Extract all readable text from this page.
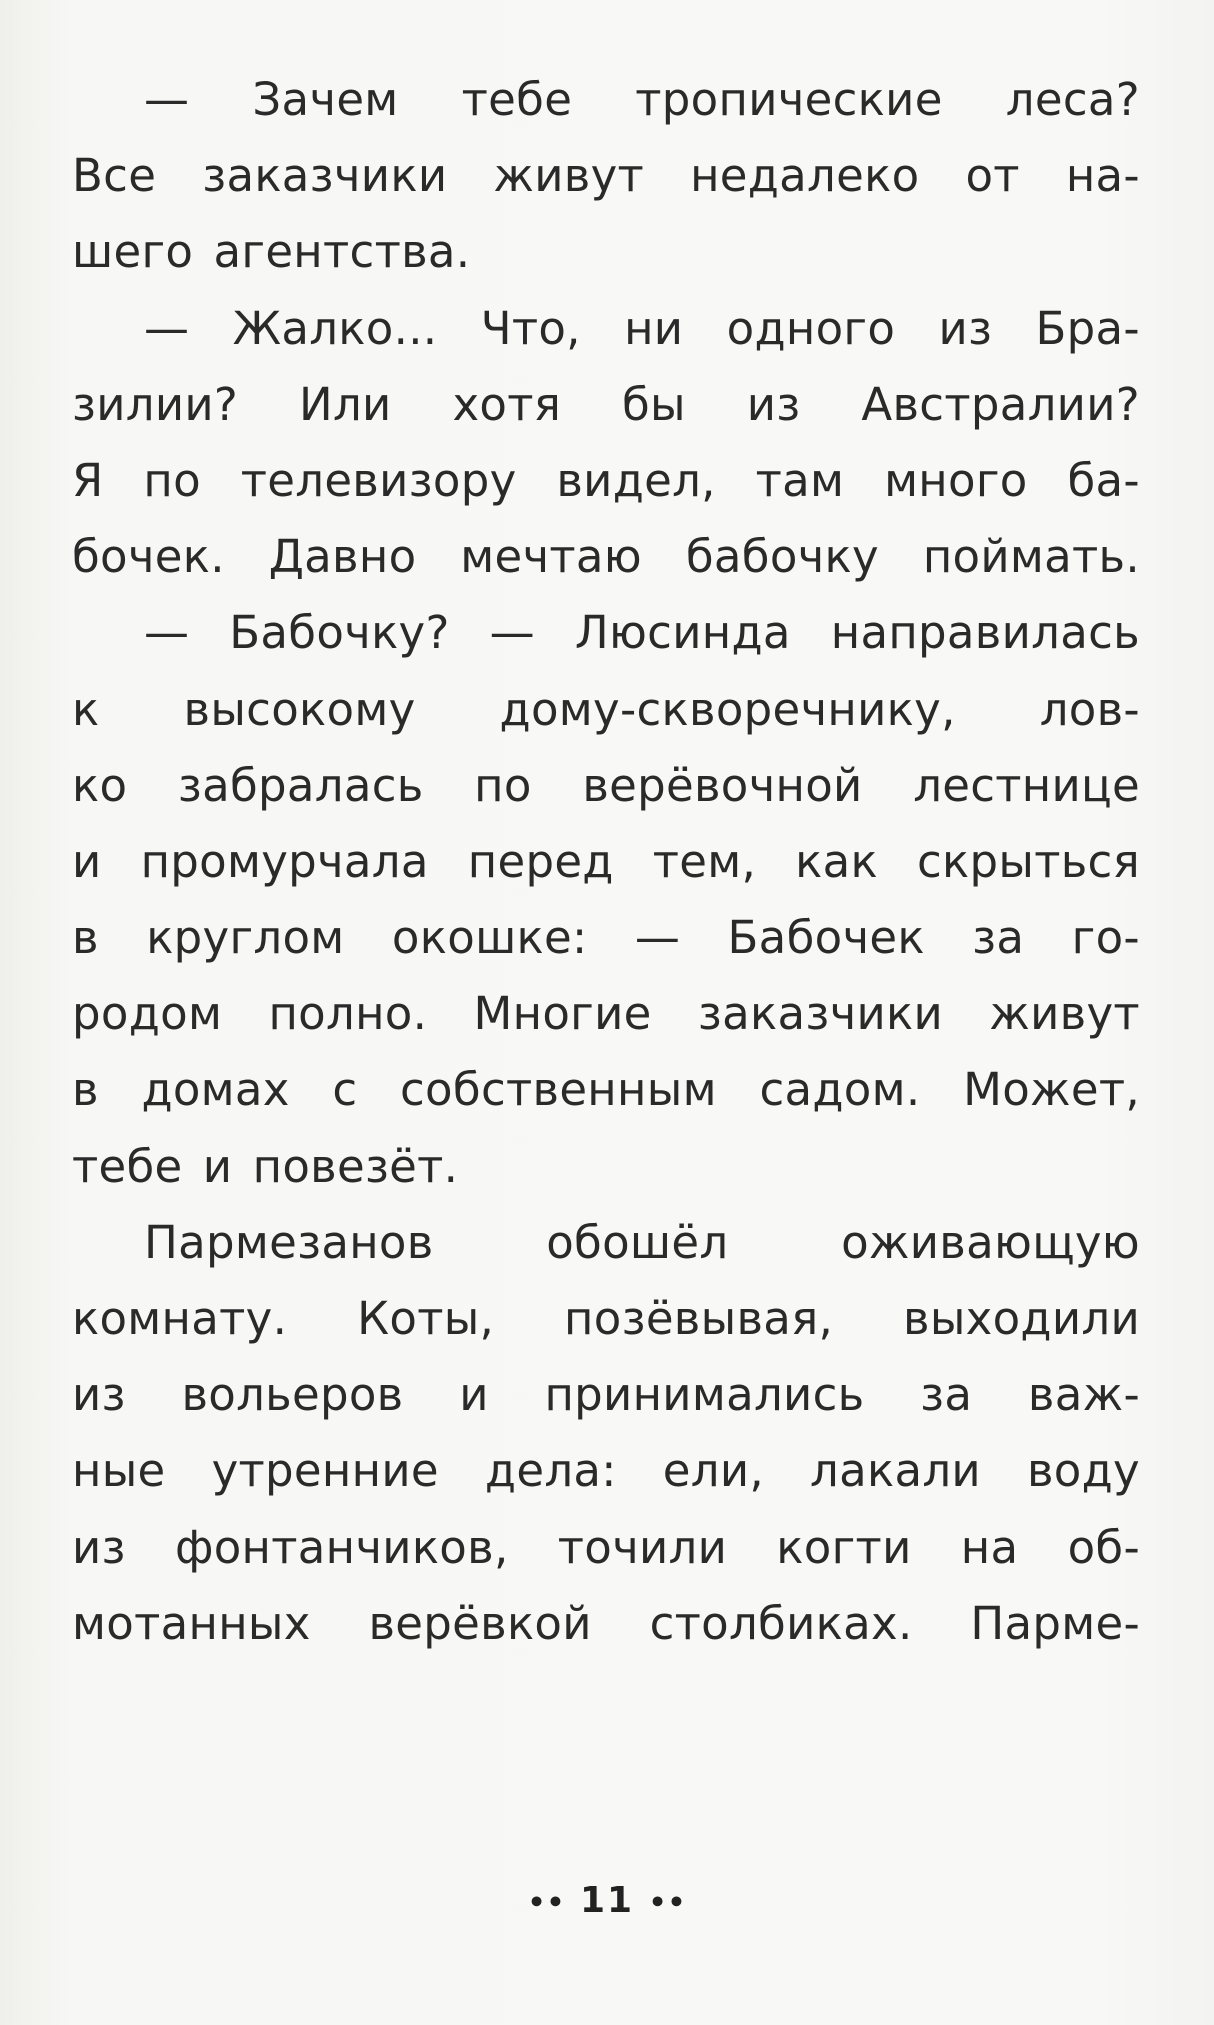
— Зачем тебе тропические леса?
Все заказчики живут недалеко от на-
шего агентства.
— Жалко... Что, ни одного из Бра-
зилии? Или хотя бы из Австралии?
Я по телевизору видел, там много ба-
бочек. Давно мечтаю бабочку поймать.
— Бабочку? — Люсинда направилась
к высокому дому-скворечнику, лов-
ко забралась по верёвочной лестнице
и промурчала перед тем, как скрыться
в круглом окошке: — Бабочек за го-
родом полно. Многие заказчики живут
в домах с собственным садом. Может,
тебе и повезёт.
Пармезанов	обошёл	оживающую
комнату. Коты, позёвывая, выходили
из вольеров и принимались за важ-
ные утренние дела: ели, лакали воду
из фонтанчиков, точили когти на об-
мотанных верёвкой столбиках. Парме-
•• 11 ••
